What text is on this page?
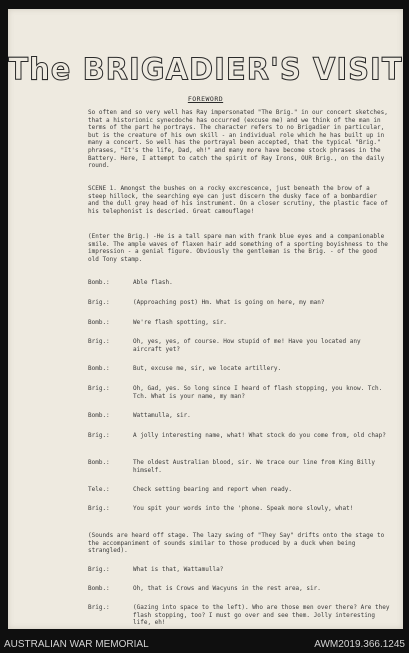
The BRIGADIER'S VISIT
FOREWORD

So often and so very well has Ray impersonated "The Brig." in our concert sketches, that a historionic synecdoche has occurred (excuse me) and we think of the man in terms of the part he portrays. The character refers to no Brigadier in particular, but is the creature of his own skill - an individual role which he has built up in many a concert. So well has the portrayal been accepted, that the typical "Brig." phrases, "It's the life, Dad, eh!" and many more have become stock phrases in the Battery. Here, I attempt to catch the spirit of Ray Irons, OUR Brig., on the daily round.

SCENE 1. Amongst the bushes on a rocky excrescence, just beneath the brow of a steep hillock, the searching eye can just discern the dusky face of a bombardier and the dull grey head of his instrument. On a closer scrutiny, the plastic face of his telephonist is descried. Great camouflage!

(Enter the Brig.) -He is a tall spare man with frank blue eyes and a companionable smile. The ample waves of flaxen hair add something of a sporting boyishness to the impression - a genial figure. Obviously the gentleman is the Brig. - of the good old Tony stamp.

Bomb.:	Able flash.
Brig.:	(Approaching post) Hm. What is going on here, my man?
Bomb.:	We're flash spotting, sir.
Brig.:	Oh, yes, yes, of course. How stupid of me! Have you located any aircraft yet?
Bomb.:	But, excuse me, sir, we locate artillery.
Brig.:	Oh, Gad, yes. So long since I heard of flash stopping, you know. Tch. Tch. What is your name, my man?
Bomb.:	Wattamulla, sir.
Brig.:	A jolly interesting name, what! What stock do you come from, old chap?
Bomb.:	The oldest Australian blood, sir. We trace our line from King Billy himself.
Tele.:	Check setting bearing and report when ready.
Brig.:	You spit your words into the 'phone. Speak more slowly, what!
(Sounds are heard off stage. The lazy swing of "They Say" drifts onto the stage to the accompaniment of sounds similar to those produced by a duck when being strangled).
Brig.:	What is that, Wattamulla?
Bomb.:	Oh, that is Crows and Wacyuns in the rest area, sir.
Brig.:	(Gazing into space to the left). Who are those men over there? Are they flash stopping, too? I must go over and see them. Jolly interesting life, eh!
AUSTRALIAN WAR MEMORIAL	AWM2019.366.1245
